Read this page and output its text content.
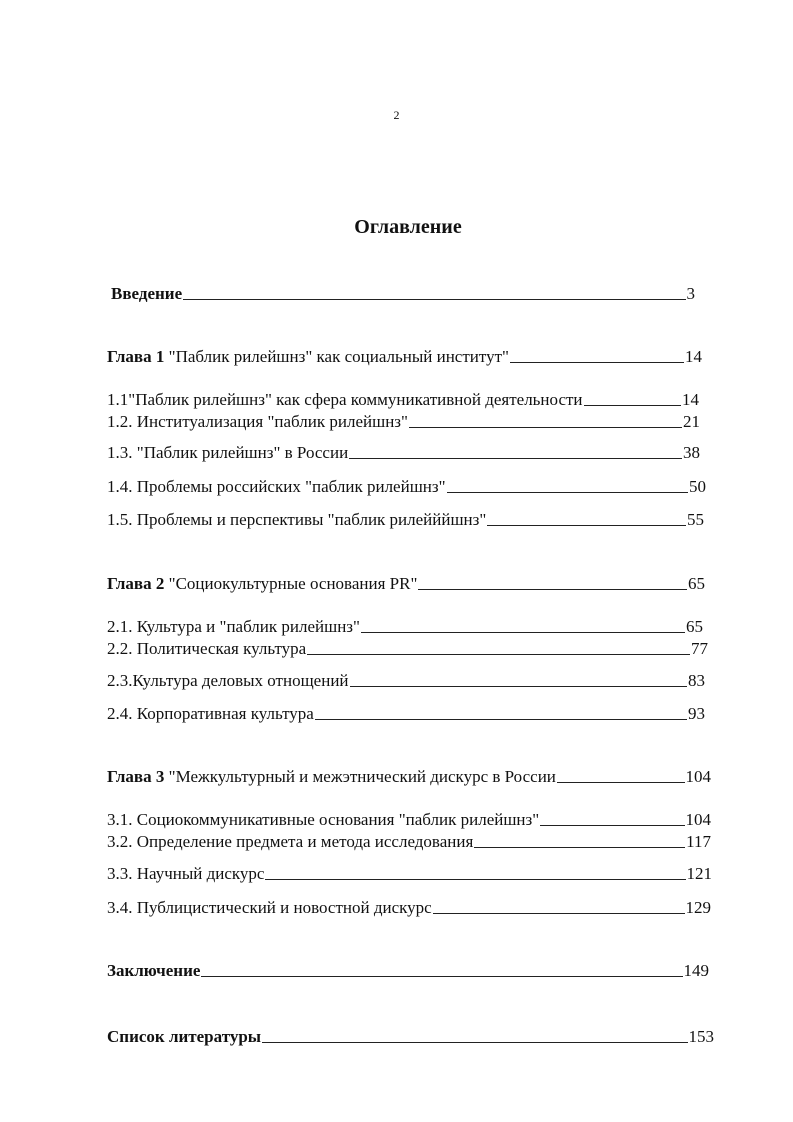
2
Оглавление
Введение	3
Глава 1 "Паблик рилейшнз" как социальный институт"	14
1.1"Паблик рилейшнз" как сфера коммуникативной деятельности	14
1.2. Институализация "паблик рилейшнз"	21
1.3. "Паблик рилейшнз" в России	38
1.4. Проблемы российских "паблик рилейшнз"	50
1.5. Проблемы и перспективы "паблик рилейййшнз"	55
Глава 2 "Социокультурные основания PR"	65
2.1. Культура и "паблик рилейшнз"	65
2.2. Политическая культура	77
2.3.Культура деловых отнощений	83
2.4. Корпоративная культура	93
Глава 3 "Межкультурный и межэтнический дискурс в России	104
3.1. Социокоммуникативные основания "паблик рилейшнз"	104
3.2. Определение предмета и метода исследования	117
3.3. Научный дискурс	121
3.4. Публицистический и новостной дискурс	129
Заключение	149
Список литературы	153
